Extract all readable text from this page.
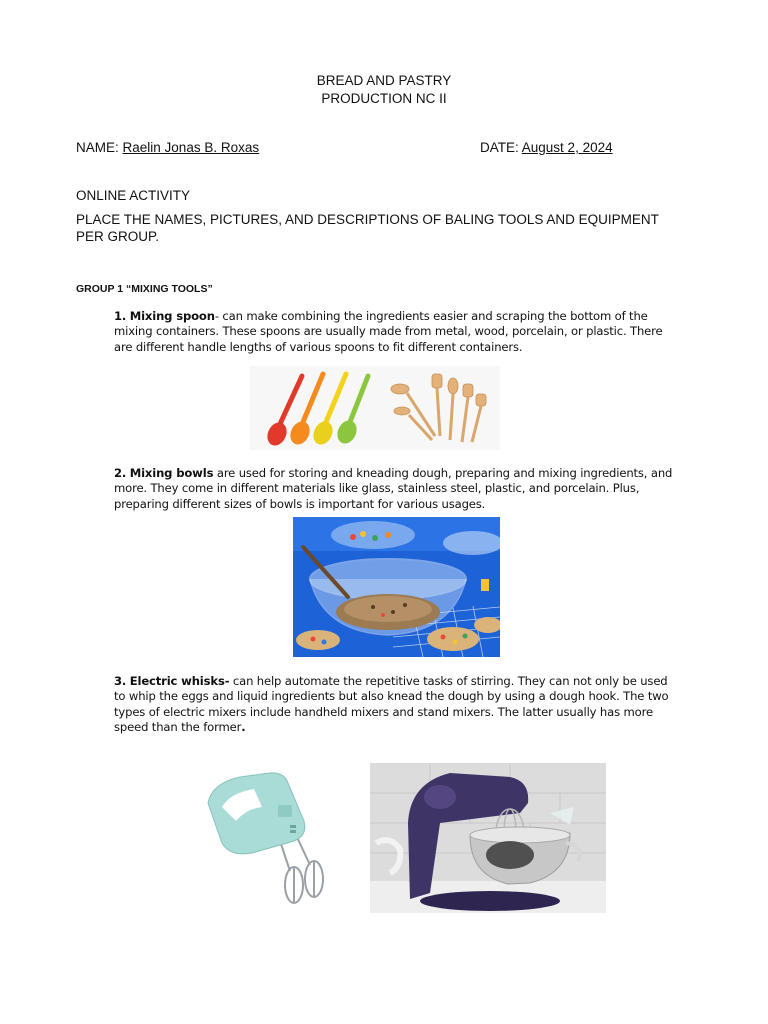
BREAD AND PASTRY
PRODUCTION NC II
NAME: Raelin Jonas B. Roxas	DATE: August 2, 2024
ONLINE ACTIVITY
PLACE THE NAMES, PICTURES, AND DESCRIPTIONS OF BALING TOOLS AND EQUIPMENT PER GROUP.
GROUP 1 “MIXING TOOLS”
1. Mixing spoon- can make combining the ingredients easier and scraping the bottom of the mixing containers. These spoons are usually made from metal, wood, porcelain, or plastic. There are different handle lengths of various spoons to fit different containers.
2. Mixing bowls are used for storing and kneading dough, preparing and mixing ingredients, and more. They come in different materials like glass, stainless steel, plastic, and porcelain. Plus, preparing different sizes of bowls is important for various usages.
3. Electric whisks- can help automate the repetitive tasks of stirring. They can not only be used to whip the eggs and liquid ingredients but also knead the dough by using a dough hook. The two types of electric mixers include handheld mixers and stand mixers. The latter usually has more speed than the former.
